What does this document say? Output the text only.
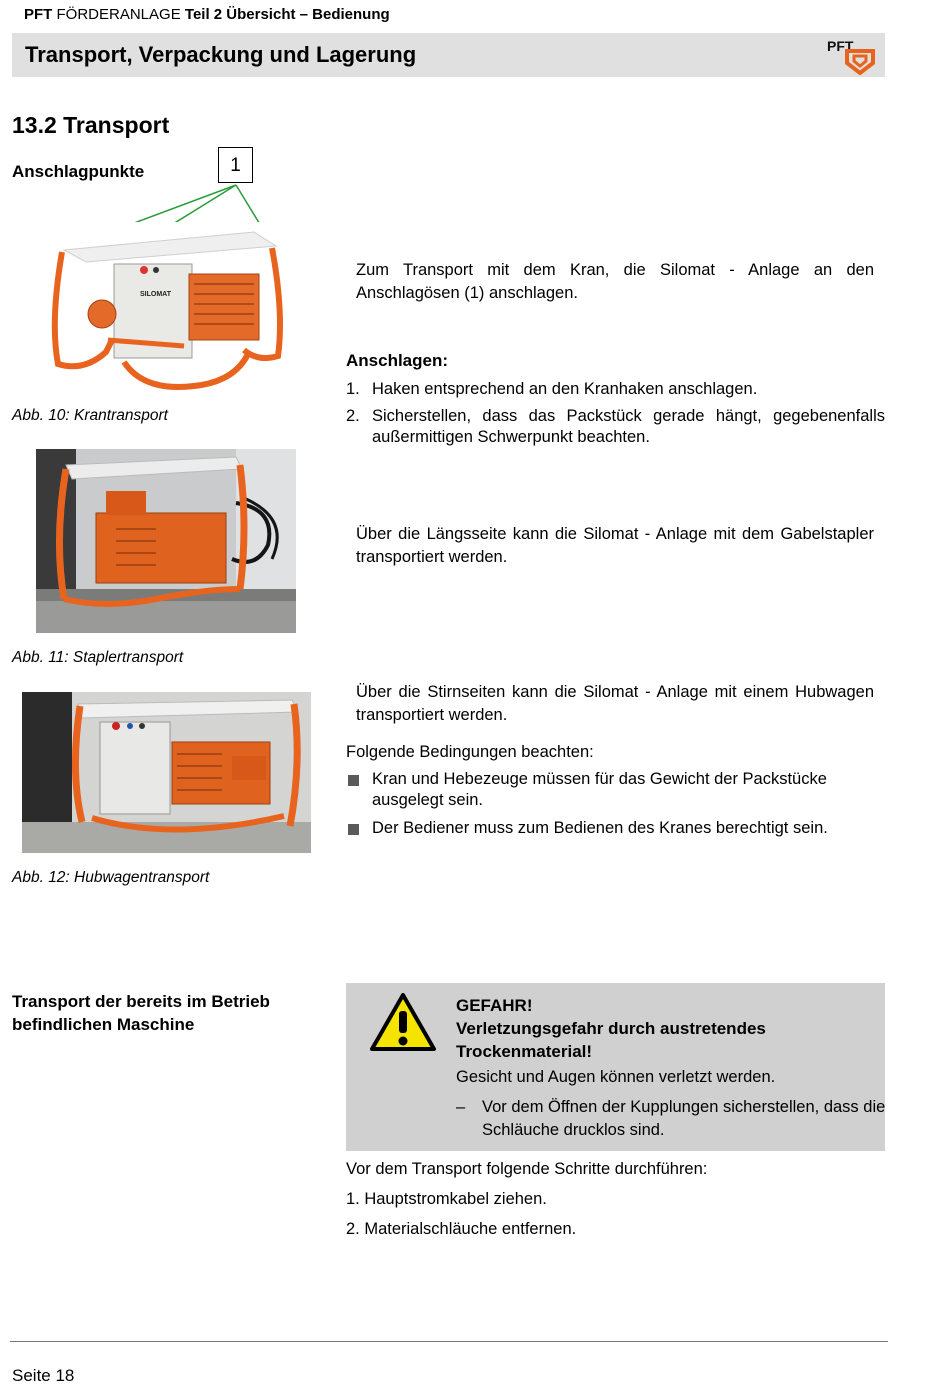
PFT FÖRDERANLAGE Teil 2 Übersicht – Bedienung
Transport, Verpackung und Lagerung	PFT
13.2 Transport
Anschlagpunkte	1
SILOMAT
Abb. 10: Krantransport
Zum Transport mit dem Kran, die Silomat - Anlage an den Anschlagösen (1) anschlagen.
Anschlagen:
1. Haken entsprechend an den Kranhaken anschlagen.
2. Sicherstellen, dass das Packstück gerade hängt, gegebenenfalls außermittigen Schwerpunkt beachten.
Über die Längsseite kann die Silomat - Anlage mit dem Gabelstapler transportiert werden.
Abb. 11: Staplertransport
Über die Stirnseiten kann die Silomat - Anlage mit einem Hubwagen transportiert werden.
Folgende Bedingungen beachten:
Kran und Hebezeuge müssen für das Gewicht der Packstücke ausgelegt sein.
Der Bediener muss zum Bedienen des Kranes berechtigt sein.
Abb. 12: Hubwagentransport
Transport der bereits im Betrieb befindlichen Maschine
GEFAHR!
Verletzungsgefahr durch austretendes Trockenmaterial!
Gesicht und Augen können verletzt werden.
– Vor dem Öffnen der Kupplungen sicherstellen, dass die Schläuche drucklos sind.
Vor dem Transport folgende Schritte durchführen:
1. Hauptstromkabel ziehen.
2. Materialschläuche entfernen.
Seite 18
